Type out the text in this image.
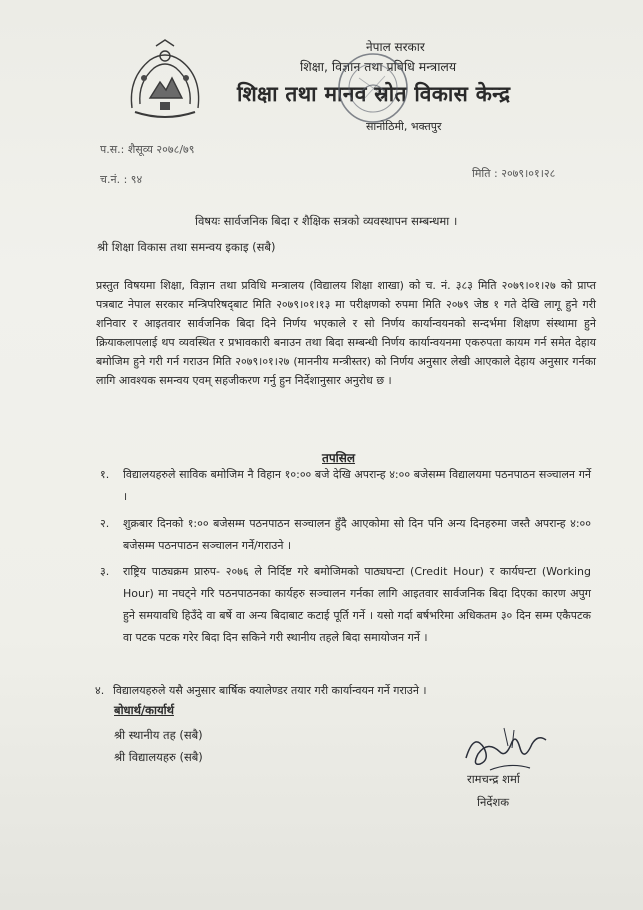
नेपाल सरकार
शिक्षा, विज्ञान तथा प्रविधि मन्त्रालय
शिक्षा तथा मानव स्रोत विकास केन्द्र
सानोठिमी, भक्तपुर
प.स.: शैसूव्य २०७८/७९
च.नं. : ९४	मिति : २०७९।०१।२८
विषयः सार्वजनिक बिदा र शैक्षिक सत्रको व्यवस्थापन सम्बन्धमा ।
श्री शिक्षा विकास तथा समन्वय इकाइ (सबै)
प्रस्तुत विषयमा शिक्षा, विज्ञान तथा प्रविधि मन्त्रालय (विद्यालय शिक्षा शाखा) को च. नं. ३८३ मिति २०७९।०१।२७ को प्राप्त पत्रबाट नेपाल सरकार मन्त्रिपरिषद्‌बाट मिति २०७९।०१।१३ मा परीक्षणको रुपमा मिति २०७९ जेष्ठ १ गते देखि लागू हुने गरी शनिवार र आइतवार सार्वजनिक बिदा दिने निर्णय भएकाले र सो निर्णय कार्यान्वयनको सन्दर्भमा शिक्षण संस्थामा हुने क्रियाकलापलाई थप व्यवस्थित र प्रभावकारी बनाउन तथा बिदा सम्बन्धी निर्णय कार्यान्वयनमा एकरुपता कायम गर्न समेत देहाय बमोजिम हुने गरी गर्न गराउन मिति २०७९।०१।२७ (माननीय मन्त्रीस्तर) को निर्णय अनुसार लेखी आएकाले देहाय अनुसार गर्नका लागि आवश्यक समन्वय एवम् सहजीकरण गर्नु हुन निर्देशानुसार अनुरोध छ ।
तपसिल
१. विद्यालयहरुले साविक बमोजिम नै विहान १०:०० बजे देखि अपरान्ह ४:०० बजेसम्म विद्यालयमा पठनपाठन सञ्चालन गर्ने ।
२. शुक्रबार दिनको १:०० बजेसम्म पठनपाठन सञ्चालन हुँदै आएकोमा सो दिन पनि अन्य दिनहरुमा जस्तै अपरान्ह ४:०० बजेसम्म पठनपाठन सञ्चालन गर्ने/गराउने ।
३. राष्ट्रिय पाठ्यक्रम प्रारुप- २०७६ ले निर्दिष्ट गरे बमोजिमको पाठ्यघन्टा (Credit Hour) र कार्यघन्टा (Working Hour) मा नघट्ने गरि पठनपाठनका कार्यहरु सञ्चालन गर्नका लागि आइतवार सार्वजनिक बिदा दिएका कारण अपुग हुने समयावधि हिउँदे वा बर्षे वा अन्य बिदाबाट कटाई पूर्ति गर्ने । यसो गर्दा बर्षभरिमा अधिकतम ३० दिन सम्म एकैपटक वा पटक पटक गरेर बिदा दिन सकिने गरी स्थानीय तहले बिदा समायोजन गर्ने ।
४. विद्यालयहरुले यसै अनुसार बार्षिक क्यालेण्डर तयार गरी कार्यान्वयन गर्ने गराउने ।
बोधार्थ/कार्यार्थ
श्री स्थानीय तह (सबै)
श्री विद्यालयहरु (सबै)
रामचन्द्र शर्मा
निर्देशक
